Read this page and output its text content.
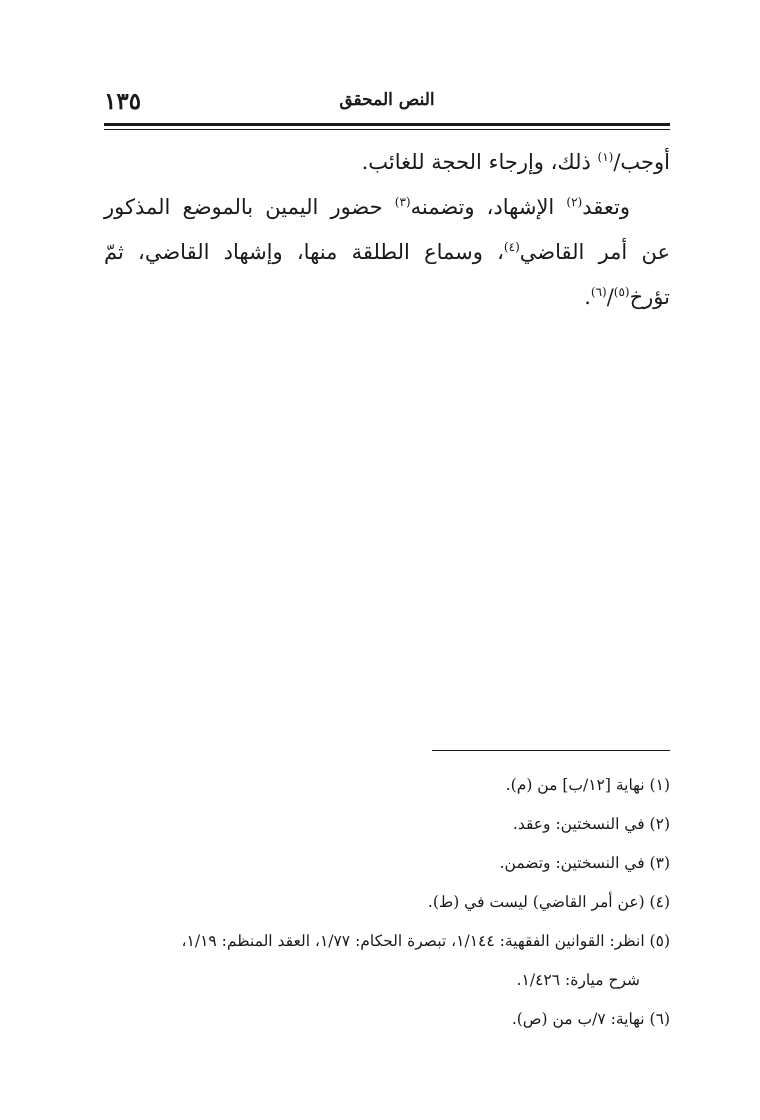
١٣٥	النص المحقق

أوجب/$^{(١)}$ ذلك، وإرجاء الحجة للغائب.

وتعقد$^{(٢)}$ الإشهاد، وتضمنه$^{(٣)}$ حضور اليمين بالموضع المذكور عن أمر القاضي$^{(٤)}$، وسماع الطلقة منها، وإشهاد القاضي، ثمّ تؤرخ$^{(٥)}$/$^{(٦)}$.

(١) نهاية [١٢/ب] من (م).

(٢) في النسختين: وعقد.

(٣) في النسختين: وتضمن.

(٤) (عن أمر القاضي) ليست في (ط).

(٥) انظر: القوانين الفقهية: ١/١٤٤، تبصرة الحكام: ١/٧٧، العقد المنظم: ١/١٩،

شرح ميارة: ١/٤٢٦.

(٦) نهاية: ٧/ب من (ص).
